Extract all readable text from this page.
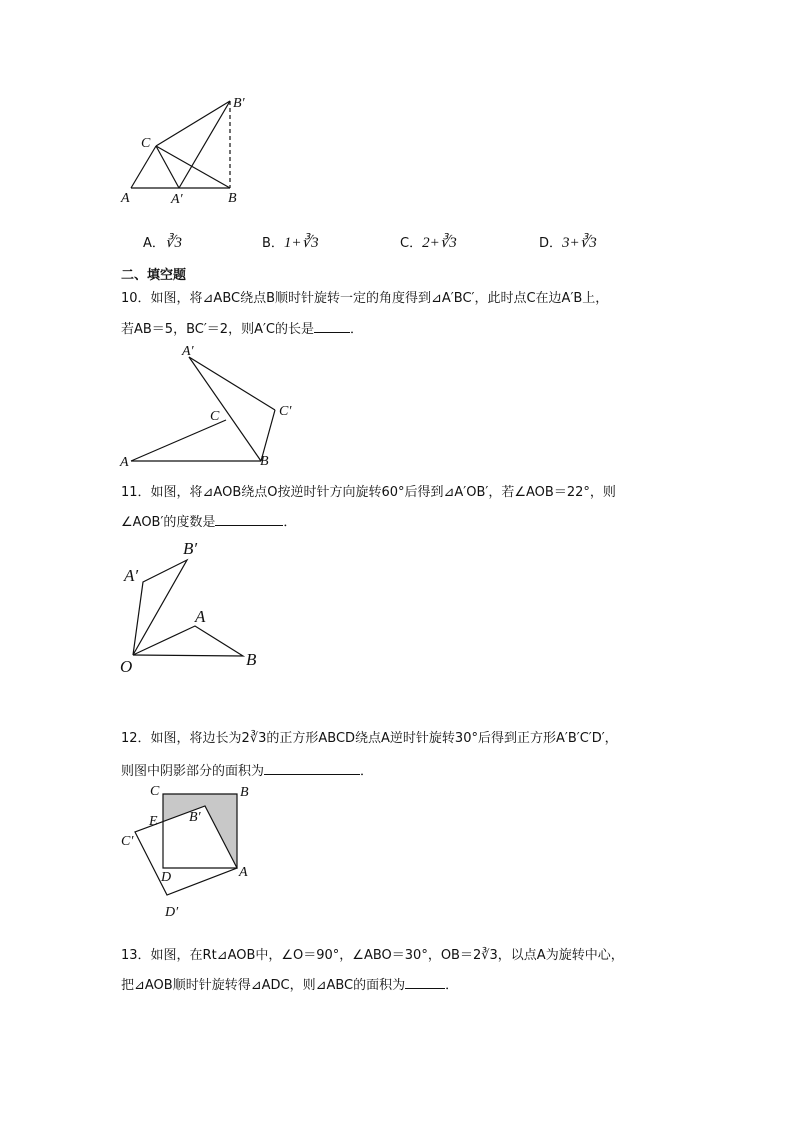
B′
C
A	A′	B
A．∛3	B．1+∛3	C．2+∛3	D．3+∛3
二、填空题
10．如图，将⊿ABC绕点B顺时针旋转一定的角度得到⊿A′BC′，此时点C在边A′B上，
若AB＝5，BC′＝2，则A′C的长是	．
A′
C	C′
A	B
11．如图，将⊿AOB绕点O按逆时针方向旋转60°后得到⊿A′OB′，若∠AOB＝22°，则
∠AOB′的度数是	．
B′
A′
A
O	B
12．如图，将边长为2∛3的正方形ABCD绕点A逆时针旋转30°后得到正方形A′B′C′D′，
则图中阴影部分的面积为	．
C	B
E B′
C′
D	A
D′
13．如图，在Rt⊿AOB中，∠O＝90°，∠ABO＝30°，OB＝2∛3，以点A为旋转中心，
把⊿AOB顺时针旋转得⊿ADC，则⊿ABC的面积为	．
